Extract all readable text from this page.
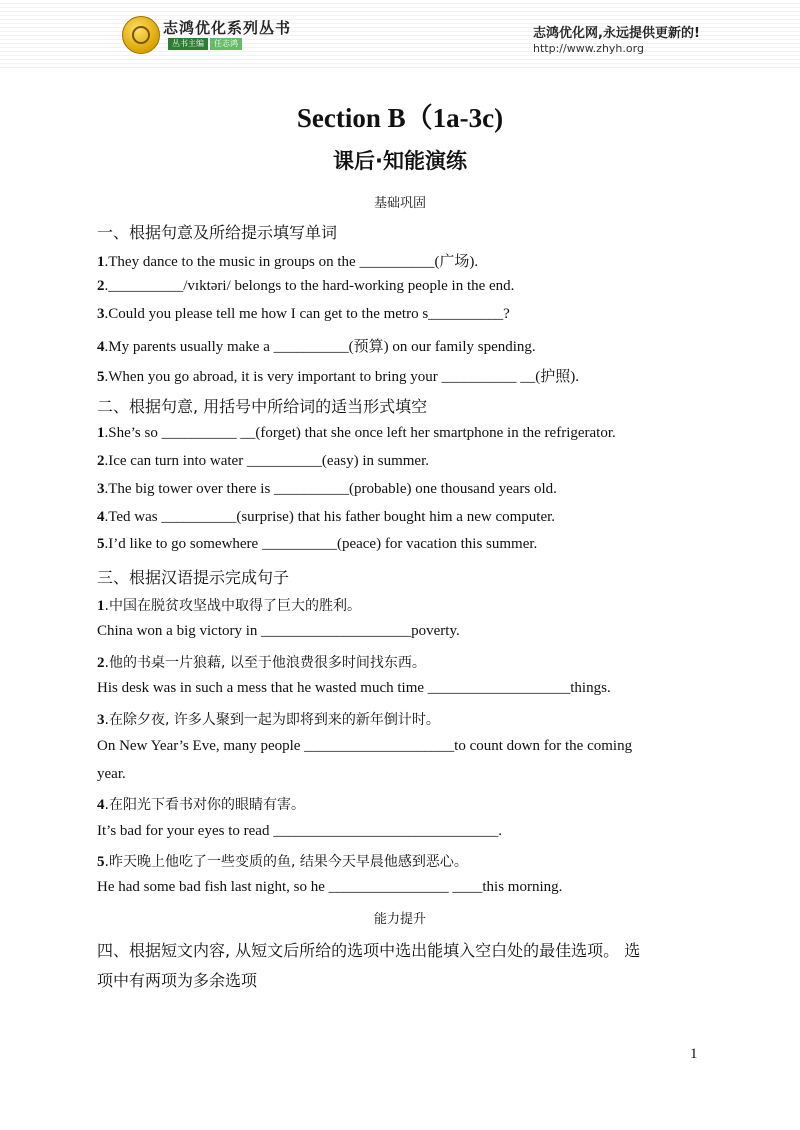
志鸿优化系列丛书
丛书主编	任志鸿
志鸿优化网,永远提供更新的!
http://www.zhyh.org
Section B（1a-3c)
课后·知能演练
基础巩固
一、根据句意及所给提示填写单词
1.They dance to the music in groups on the __________(广场).
2.__________/vɪktəri/ belongs to the hard-working people in the end.
3.Could you please tell me how I can get to the metro s__________?
4.My parents usually make a __________(预算) on our family spending.
5.When you go abroad, it is very important to bring your __________ __(护照).
二、根据句意, 用括号中所给词的适当形式填空
1.She’s so __________ __(forget) that she once left her smartphone in the refrigerator.
2.Ice can turn into water __________(easy) in summer.
3.The big tower over there is __________(probable) one thousand years old.
4.Ted was __________(surprise) that his father bought him a new computer.
5.I’d like to go somewhere __________(peace) for vacation this summer.
三、根据汉语提示完成句子
1.中国在脱贫攻坚战中取得了巨大的胜利。
China won a big victory in ____________________poverty.
2.他的书桌一片狼藉, 以至于他浪费很多时间找东西。
His desk was in such a mess that he wasted much time ___________________things.
3.在除夕夜, 许多人聚到一起为即将到来的新年倒计时。
On New Year’s Eve, many people ____________________to count down for the coming
year.
4.在阳光下看书对你的眼睛有害。
It’s bad for your eyes to read ______________________________.
5.昨天晚上他吃了一些变质的鱼, 结果今天早晨他感到恶心。
He had some bad fish last night, so he ________________ ____this morning.
能力提升
四、根据短文内容, 从短文后所给的选项中选出能填入空白处的最佳选项。 选
项中有两项为多余选项
1
